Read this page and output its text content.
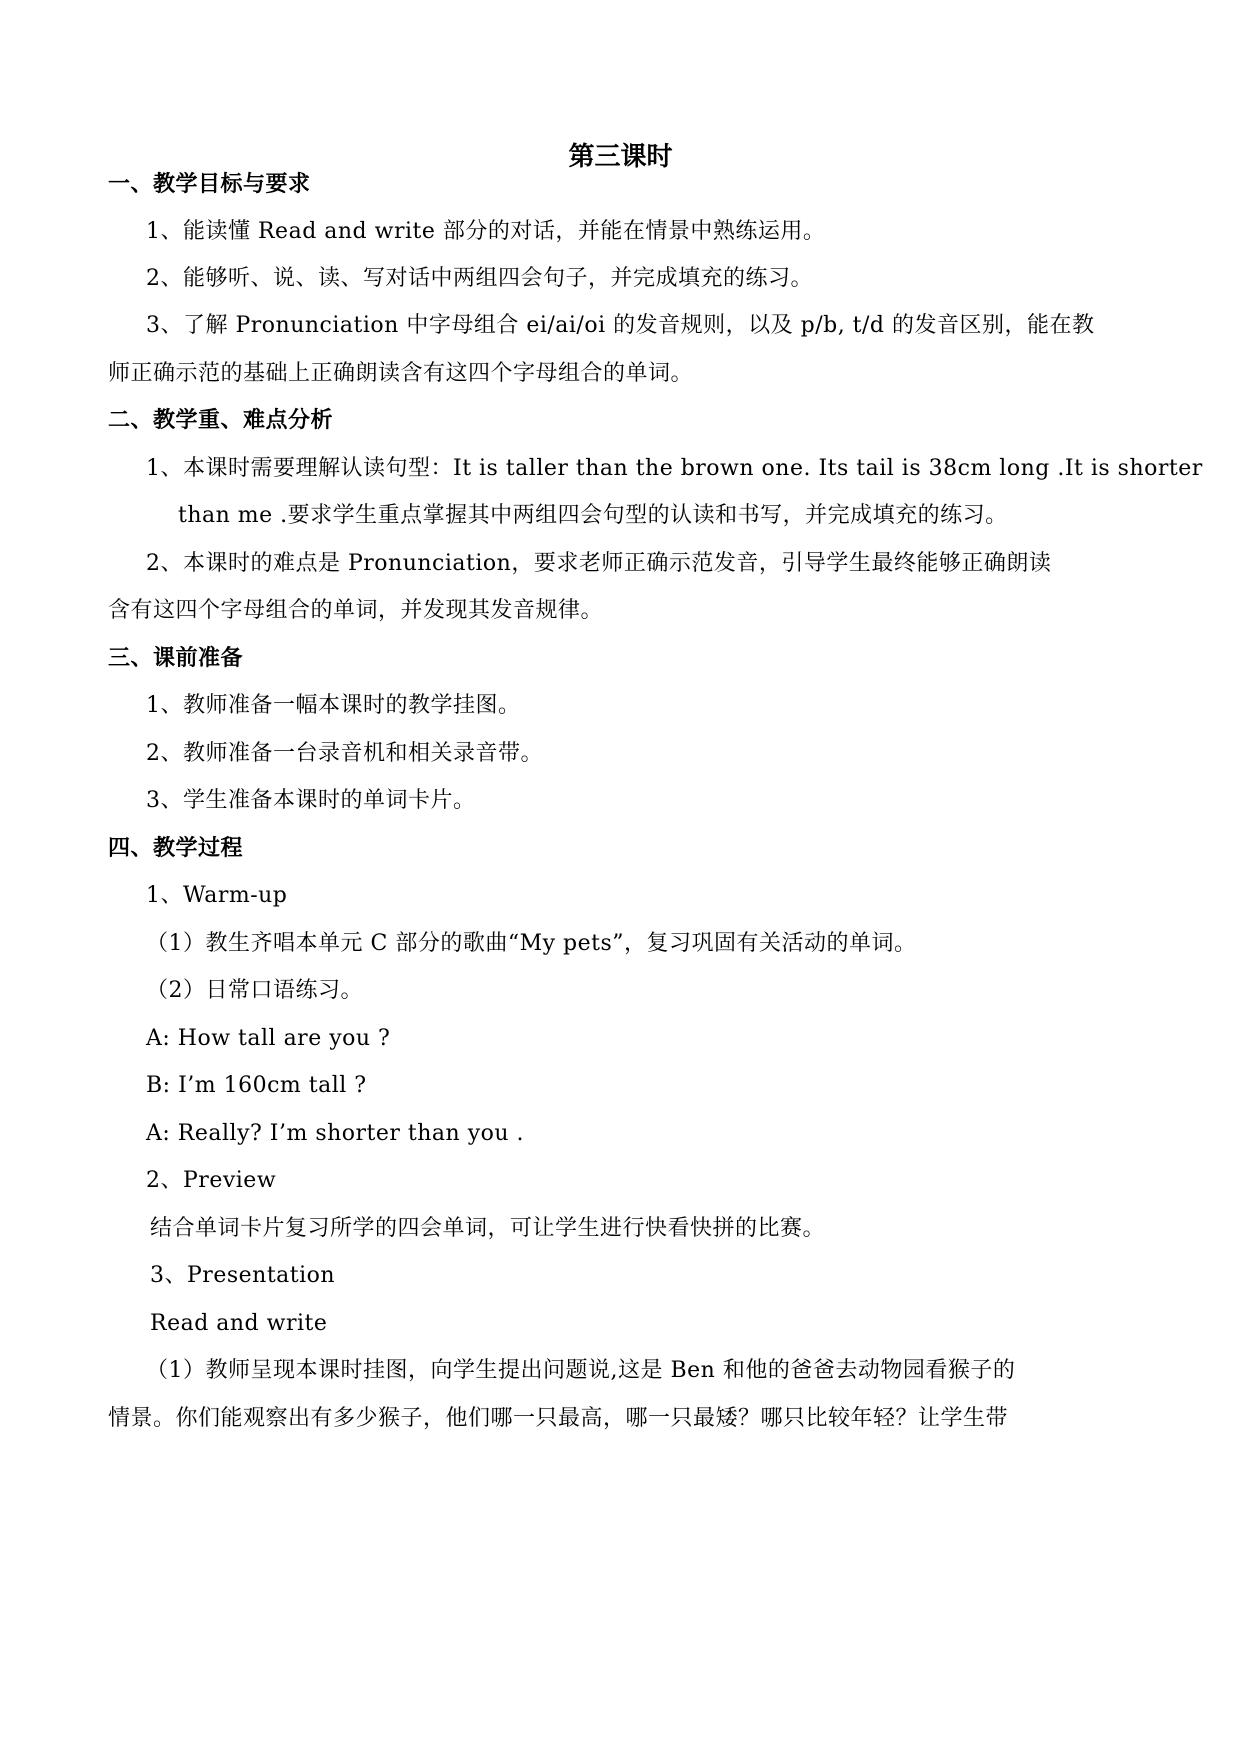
第三课时
一、教学目标与要求
1、能读懂 Read and write 部分的对话，并能在情景中熟练运用。
2、能够听、说、读、写对话中两组四会句子，并完成填充的练习。
3、了解 Pronunciation 中字母组合 ei/ai/oi 的发音规则，以及 p/b, t/d 的发音区别，能在教
师正确示范的基础上正确朗读含有这四个字母组合的单词。
二、教学重、难点分析
1、本课时需要理解认读句型：It is taller than the brown one. Its tail is 38cm long .It is shorter
than me .要求学生重点掌握其中两组四会句型的认读和书写，并完成填充的练习。
2、本课时的难点是 Pronunciation，要求老师正确示范发音，引导学生最终能够正确朗读
含有这四个字母组合的单词，并发现其发音规律。
三、课前准备
1、教师准备一幅本课时的教学挂图。
2、教师准备一台录音机和相关录音带。
3、学生准备本课时的单词卡片。
四、教学过程
1、Warm-up
（1）教生齐唱本单元 C 部分的歌曲“My pets”，复习巩固有关活动的单词。
（2）日常口语练习。
A: How tall are you ?
B: I’m 160cm tall ?
A: Really? I’m shorter than you .
2、Preview
结合单词卡片复习所学的四会单词，可让学生进行快看快拼的比赛。
3、Presentation
Read and write
（1）教师呈现本课时挂图，向学生提出问题说,这是 Ben 和他的爸爸去动物园看猴子的
情景。你们能观察出有多少猴子，他们哪一只最高，哪一只最矮？哪只比较年轻？让学生带
